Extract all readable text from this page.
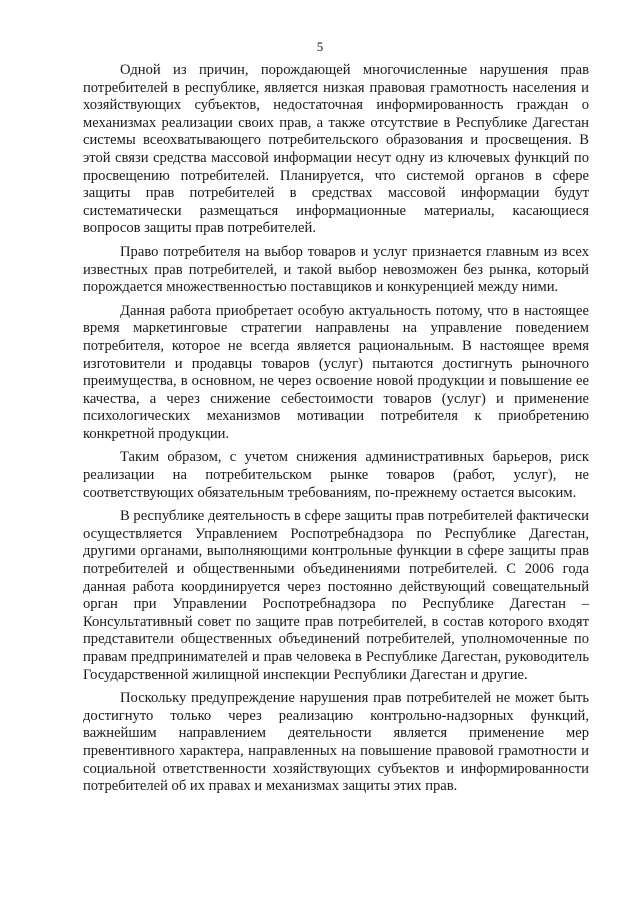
5

Одной из причин, порождающей многочисленные нарушения прав потребителей в республике, является низкая правовая грамотность населения и хозяйствующих субъектов, недостаточная информированность граждан о механизмах реализации своих прав, а также отсутствие в Республике Дагестан системы всеохватывающего потребительского образования и просвещения. В этой связи средства массовой информации несут одну из ключевых функций по просвещению потребителей. Планируется, что системой органов в сфере защиты прав потребителей в средствах массовой информации будут систематически размещаться информационные материалы, касающиеся вопросов защиты прав потребителей.

Право потребителя на выбор товаров и услуг признается главным из всех известных прав потребителей, и такой выбор невозможен без рынка, который порождается множественностью поставщиков и конкуренцией между ними.

Данная работа приобретает особую актуальность потому, что в настоящее время маркетинговые стратегии направлены на управление поведением потребителя, которое не всегда является рациональным. В настоящее время изготовители и продавцы товаров (услуг) пытаются достигнуть рыночного преимущества, в основном, не через освоение новой продукции и повышение ее качества, а через снижение себестоимости товаров (услуг) и применение психологических механизмов мотивации потребителя к приобретению конкретной продукции.

Таким образом, с учетом снижения административных барьеров, риск реализации на потребительском рынке товаров (работ, услуг), не соответствующих обязательным требованиям, по-прежнему остается высоким.

В республике деятельность в сфере защиты прав потребителей фактически осуществляется Управлением Роспотребнадзора по Республике Дагестан, другими органами, выполняющими контрольные функции в сфере защиты прав потребителей и общественными объединениями потребителей. С 2006 года данная работа координируется через постоянно действующий совещательный орган при Управлении Роспотребнадзора по Республике Дагестан – Консультативный совет по защите прав потребителей, в состав которого входят представители общественных объединений потребителей, уполномоченные по правам предпринимателей и прав человека в Республике Дагестан, руководитель Государственной жилищной инспекции Республики Дагестан и другие.

Поскольку предупреждение нарушения прав потребителей не может быть достигнуто только через реализацию контрольно-надзорных функций, важнейшим направлением деятельности является применение мер превентивного характера, направленных на повышение правовой грамотности и социальной ответственности хозяйствующих субъектов и информированности потребителей об их правах и механизмах защиты этих прав.
